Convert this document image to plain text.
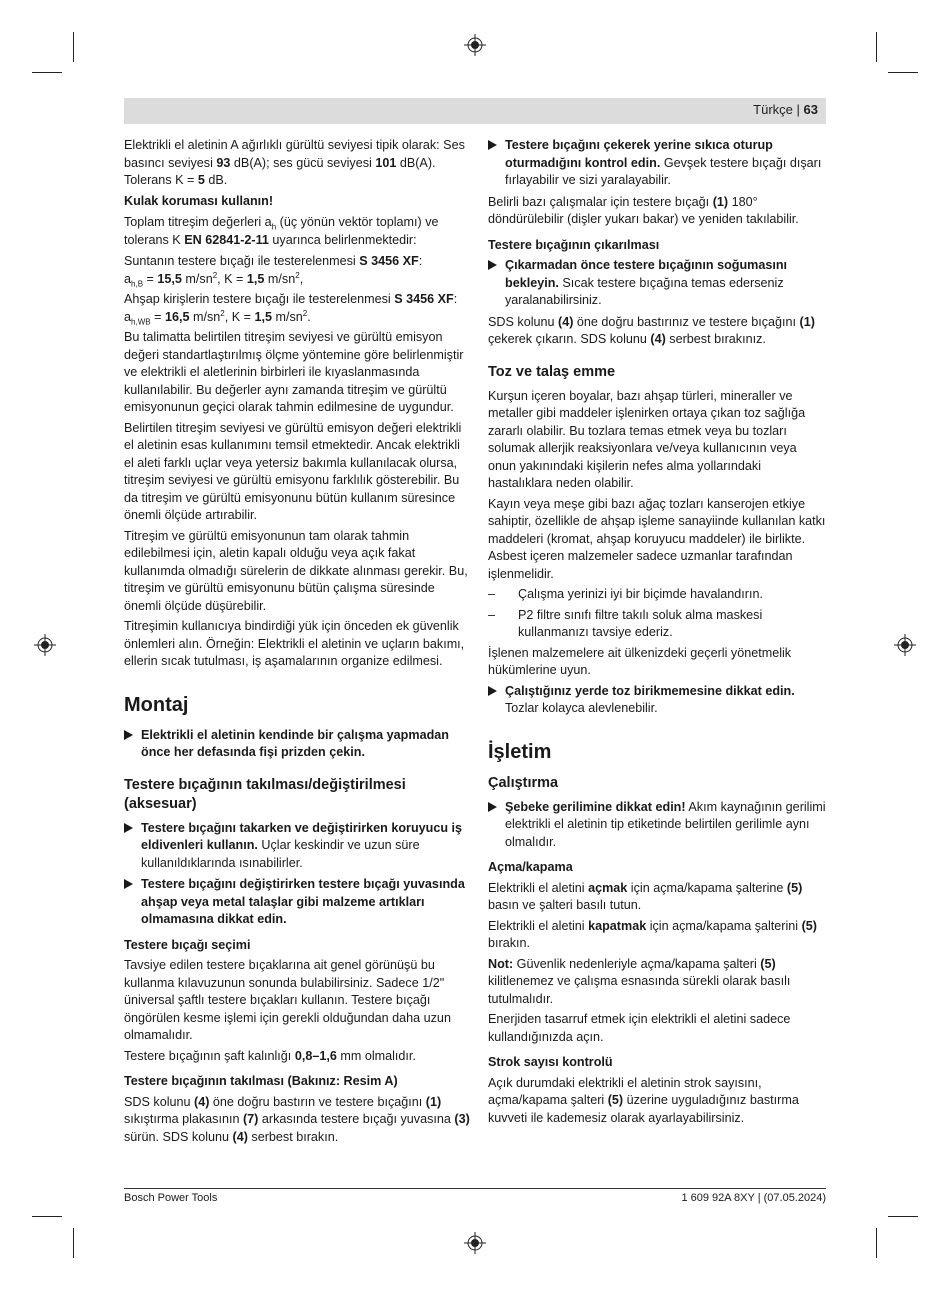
Türkçe | 63

Elektrikli el aletinin A ağırlıklı gürültü seviyesi tipik olarak: Ses basıncı seviyesi 93 dB(A); ses gücü seviyesi 101 dB(A). Tolerans K = 5 dB.

Kulak koruması kullanın!

Toplam titreşim değerleri $a_h$ (üç yönün vektör toplamı) ve tolerans K EN 62841-2-11 uyarınca belirlenmektedir:

Suntanın testere bıçağı ile testerelenmesi S 3456 XF:
$a_{h,B} = 15,5$ $m/sn^2$, K = 1,5 $m/sn^2$,

Ahşap kirişlerin testere bıçağı ile testerelenmesi S 3456 XF:
$a_{h,WB} = 16,5$ $m/sn^2$, K = 1,5 $m/sn^2$.

Bu talimatta belirtilen titreşim seviyesi ve gürültü emisyon değeri standartlaştırılmış ölçme yöntemine göre belirlenmiştir ve elektrikli el aletlerinin birbirleri ile kıyaslanmasında kullanılabilir. Bu değerler aynı zamanda titreşim ve gürültü emisyonunun geçici olarak tahmin edilmesine de uygundur.

Belirtilen titreşim seviyesi ve gürültü emisyon değeri elektrikli el aletinin esas kullanımını temsil etmektedir. Ancak elektrikli el aleti farklı uçlar veya yetersiz bakımla kullanılacak olursa, titreşim seviyesi ve gürültü emisyonu farklılık gösterebilir. Bu da titreşim ve gürültü emisyonunu bütün kullanım süresince önemli ölçüde artırabilir.

Titreşim ve gürültü emisyonunun tam olarak tahmin edilebilmesi için, aletin kapalı olduğu veya açık fakat kullanımda olmadığı sürelerin de dikkate alınması gerekir. Bu, titreşim ve gürültü emisyonunu bütün çalışma süresinde önemli ölçüde düşürebilir.

Titreşimin kullanıcıya bindirdiği yük için önceden ek güvenlik önlemleri alın. Örneğin: Elektrikli el aletinin ve uçların bakımı, ellerin sıcak tutulması, iş aşamalarının organize edilmesi.

Montaj
Elektrikli el aletinin kendinde bir çalışma yapmadan önce her defasında fişi prizden çekin.
Testere bıçağının takılması/değiştirilmesi (aksesuar)
Testere bıçağını takarken ve değiştirirken koruyucu iş eldivenleri kullanın. Uçlar keskindir ve uzun süre kullanıldıklarında ısınabilirler.
Testere bıçağını değiştirirken testere bıçağı yuvasında ahşap veya metal talaşlar gibi malzeme artıkları olmamasına dikkat edin.
Testere bıçağı seçimi

Tavsiye edilen testere bıçaklarına ait genel görünüşü bu kullanma kılavuzunun sonunda bulabilirsiniz. Sadece 1/2" üniversal şaftlı testere bıçakları kullanın. Testere bıçağı öngörülen kesme işlemi için gerekli olduğundan daha uzun olmamalıdır.

Testere bıçağının şaft kalınlığı 0,8–1,6 mm olmalıdır.

Testere bıçağının takılması (Bakınız: Resim A)

SDS kolunu (4) öne doğru bastırın ve testere bıçağını (1) sıkıştırma plakasının (7) arkasında testere bıçağı yuvasına (3) sürün. SDS kolunu (4) serbest bırakın.

Testere bıçağını çekerek yerine sıkıca oturup oturmadığını kontrol edin. Gevşek testere bıçağı dışarı fırlayabilir ve sizi yaralayabilir.

Belirli bazı çalışmalar için testere bıçağı (1) 180° döndürülebilir (dişler yukarı bakar) ve yeniden takılabilir.

Testere bıçağının çıkarılması
Çıkarmadan önce testere bıçağının soğumasını bekleyin. Sıcak testere bıçağına temas ederseniz yaralanabilirsiniz.

SDS kolunu (4) öne doğru bastırınız ve testere bıçağını (1) çekerek çıkarın. SDS kolunu (4) serbest bırakınız.

Toz ve talaş emme

Kurşun içeren boyalar, bazı ahşap türleri, mineraller ve metaller gibi maddeler işlenirken ortaya çıkan toz sağlığa zararlı olabilir. Bu tozlara temas etmek veya bu tozları solumak allerjik reaksiyonlara ve/veya kullanıcının veya onun yakınındaki kişilerin nefes alma yollarındaki hastalıklara neden olabilir.

Kayın veya meşe gibi bazı ağaç tozları kanserojen etkiye sahiptir, özellikle de ahşap işleme sanayiinde kullanılan katkı maddeleri (kromat, ahşap koruyucu maddeler) ile birlikte. Asbest içeren malzemeler sadece uzmanlar tarafından işlenmelidir.

– Çalışma yerinizi iyi bir biçimde havalandırın.
– P2 filtre sınıfı filtre takılı soluk alma maskesi kullanmanızı tavsiye ederiz.

İşlenen malzemelere ait ülkenizdeki geçerli yönetmelik hükümlerine uyun.

Çalıştığınız yerde toz birikmemesine dikkat edin. Tozlar kolayca alevlenebilir.
İşletim
Çalıştırma
Şebeke gerilimine dikkat edin! Akım kaynağının gerilimi elektrikli el aletinin tip etiketinde belirtilen gerilimle aynı olmalıdır.
Açma/kapama

Elektrikli el aletini açmak için açma/kapama şalterine (5) basın ve şalteri basılı tutun.

Elektrikli el aletini kapatmak için açma/kapama şalterini (5) bırakın.

Not: Güvenlik nedenleriyle açma/kapama şalteri (5) kilitlenemez ve çalışma esnasında sürekli olarak basılı tutulmalıdır.

Enerjiden tasarruf etmek için elektrikli el aletini sadece kullandığınızda açın.

Strok sayısı kontrolü

Açık durumdaki elektrikli el aletinin strok sayısını, açma/kapama şalteri (5) üzerine uyguladığınız bastırma kuvveti ile kademesiz olarak ayarlayabilirsiniz.

Bosch Power Tools	1 609 92A 8XY | (07.05.2024)
